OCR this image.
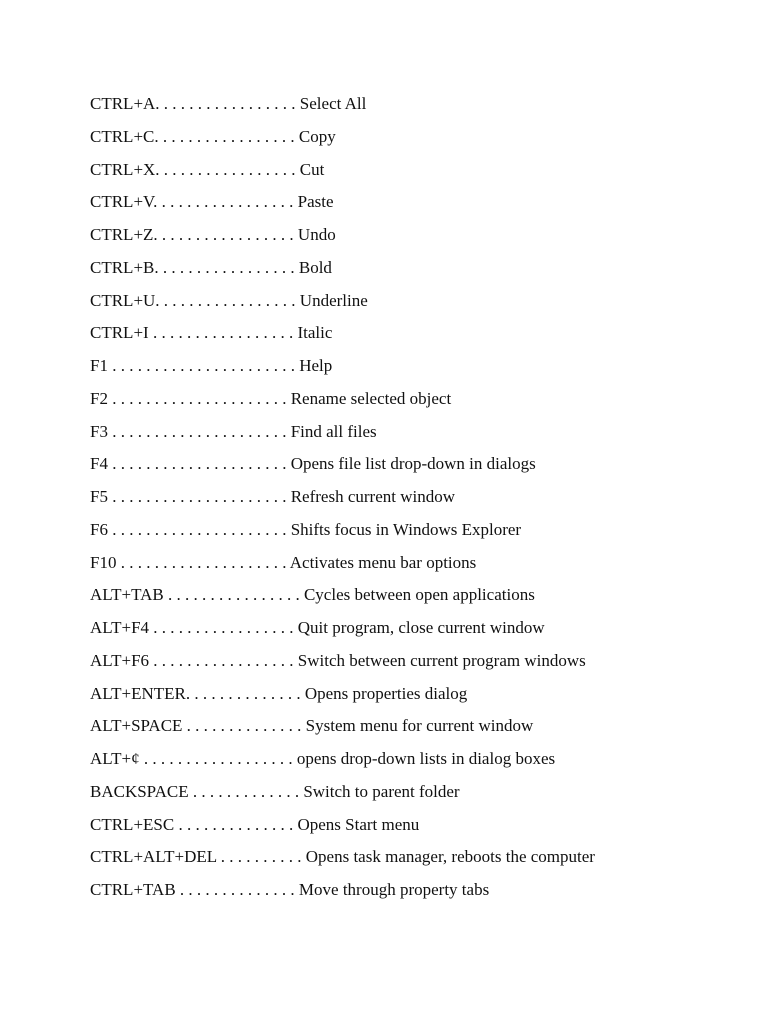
CTRL+A. . . . . . . . . . . . . . . . . Select All
CTRL+C. . . . . . . . . . . . . . . . . Copy
CTRL+X. . . . . . . . . . . . . . . . . Cut
CTRL+V. . . . . . . . . . . . . . . . . Paste
CTRL+Z. . . . . . . . . . . . . . . . . Undo
CTRL+B. . . . . . . . . . . . . . . . . Bold
CTRL+U. . . . . . . . . . . . . . . . . Underline
CTRL+I . . . . . . . . . . . . . . . . . Italic
F1 . . . . . . . . . . . . . . . . . . . . . . Help
F2 . . . . . . . . . . . . . . . . . . . . . Rename selected object
F3 . . . . . . . . . . . . . . . . . . . . . Find all files
F4 . . . . . . . . . . . . . . . . . . . . . Opens file list drop-down in dialogs
F5 . . . . . . . . . . . . . . . . . . . . . Refresh current window
F6 . . . . . . . . . . . . . . . . . . . . . Shifts focus in Windows Explorer
F10 . . . . . . . . . . . . . . . . . . . . Activates menu bar options
ALT+TAB . . . . . . . . . . . . . . . . Cycles between open applications
ALT+F4 . . . . . . . . . . . . . . . . . Quit program, close current window
ALT+F6 . . . . . . . . . . . . . . . . . Switch between current program windows
ALT+ENTER. . . . . . . . . . . . . . Opens properties dialog
ALT+SPACE . . . . . . . . . . . . . . System menu for current window
ALT+¢ . . . . . . . . . . . . . . . . . . opens drop-down lists in dialog boxes
BACKSPACE . . . . . . . . . . . . . Switch to parent folder
CTRL+ESC . . . . . . . . . . . . . . Opens Start menu
CTRL+ALT+DEL . . . . . . . . . . Opens task manager, reboots the computer
CTRL+TAB . . . . . . . . . . . . . . Move through property tabs
